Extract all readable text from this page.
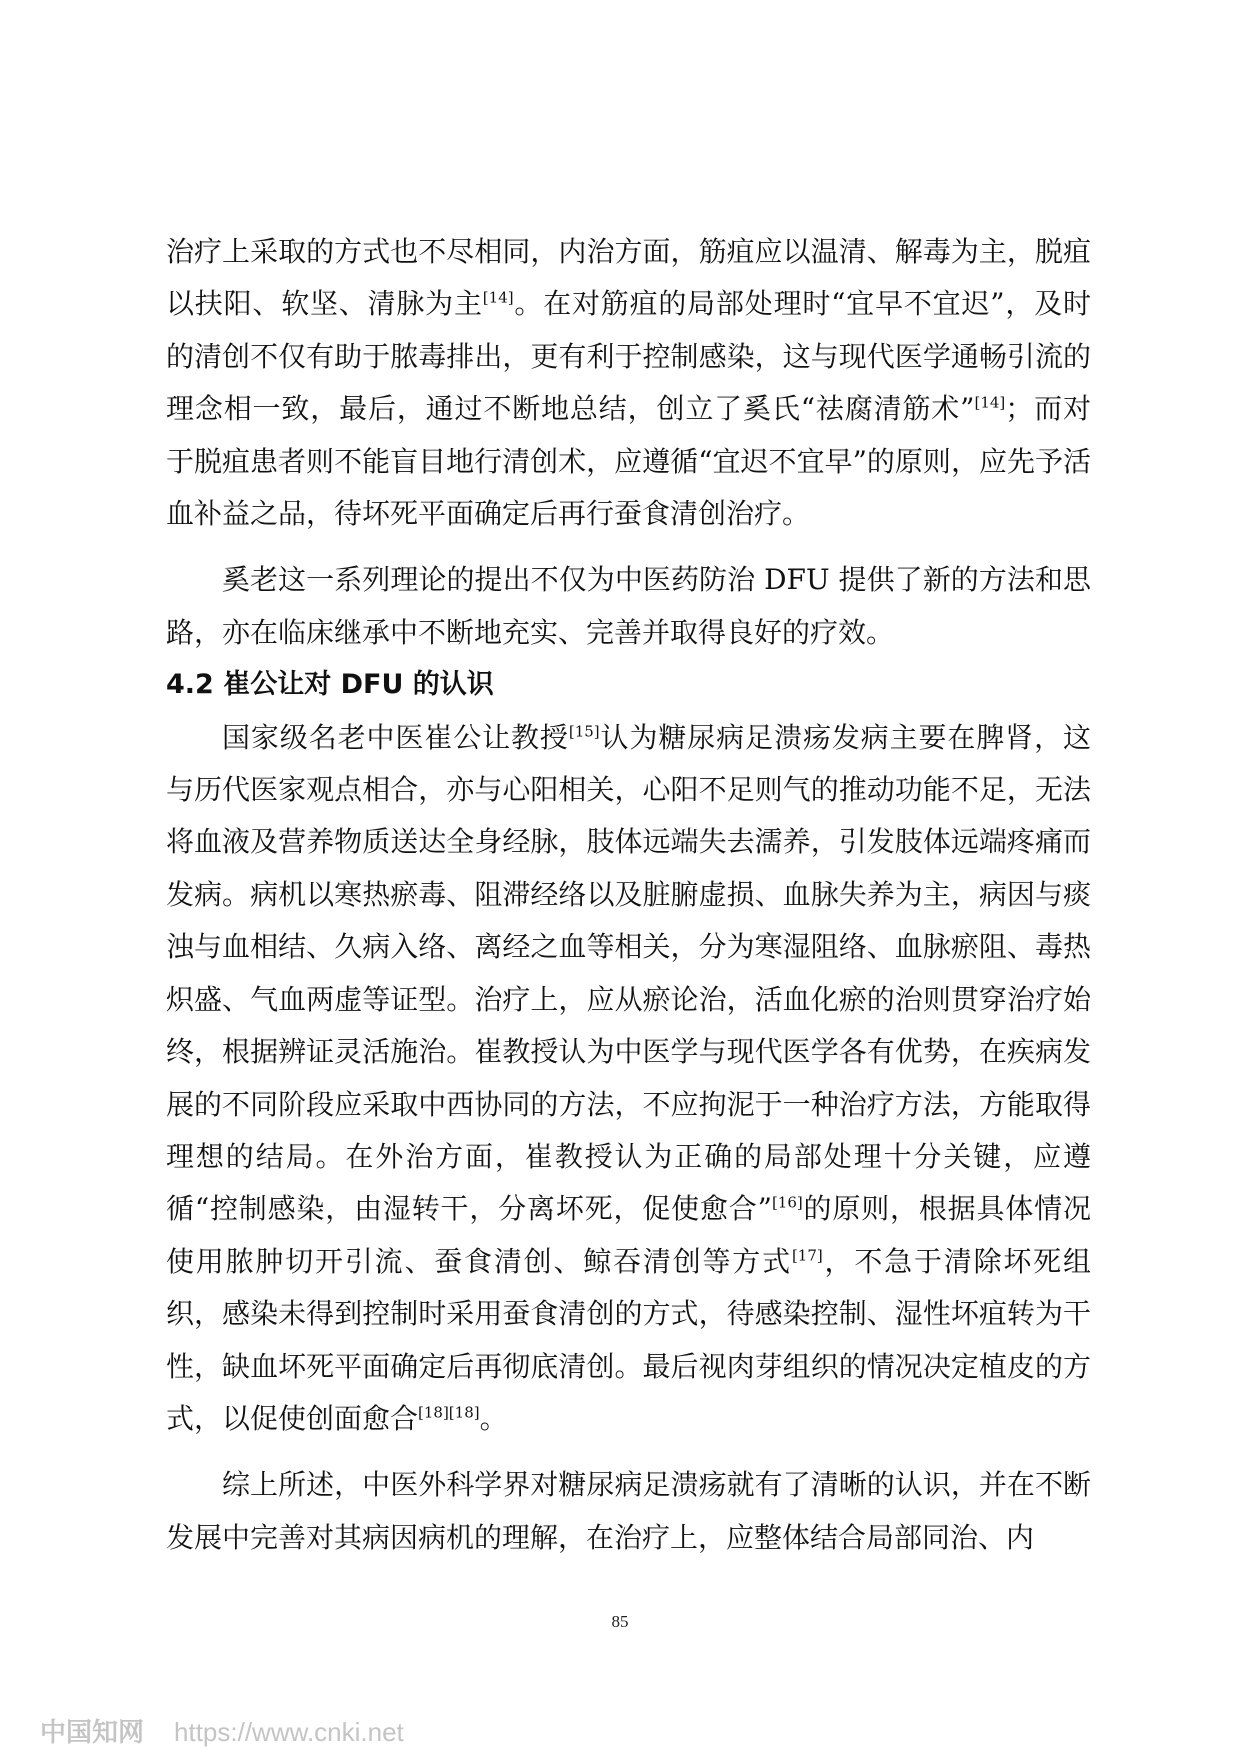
治疗上采取的方式也不尽相同，内治方面，筋疽应以温清、解毒为主，脱疽以扶阳、软坚、清脉为主[14]。在对筋疽的局部处理时“宜早不宜迟”，及时的清创不仅有助于脓毒排出，更有利于控制感染，这与现代医学通畅引流的理念相一致，最后，通过不断地总结，创立了奚氏“祛腐清筋术”[14]；而对于脱疽患者则不能盲目地行清创术，应遵循“宜迟不宜早”的原则，应先予活血补益之品，待坏死平面确定后再行蚕食清创治疗。

奚老这一系列理论的提出不仅为中医药防治 DFU 提供了新的方法和思路，亦在临床继承中不断地充实、完善并取得良好的疗效。

4.2 崔公让对 DFU 的认识

国家级名老中医崔公让教授[15]认为糖尿病足溃疡发病主要在脾肾，这与历代医家观点相合，亦与心阳相关，心阳不足则气的推动功能不足，无法将血液及营养物质送达全身经脉，肢体远端失去濡养，引发肢体远端疼痛而发病。病机以寒热瘀毒、阻滞经络以及脏腑虚损、血脉失养为主，病因与痰浊与血相结、久病入络、离经之血等相关，分为寒湿阻络、血脉瘀阻、毒热炽盛、气血两虚等证型。治疗上，应从瘀论治，活血化瘀的治则贯穿治疗始终，根据辨证灵活施治。崔教授认为中医学与现代医学各有优势，在疾病发展的不同阶段应采取中西协同的方法，不应拘泥于一种治疗方法，方能取得理想的结局。在外治方面，崔教授认为正确的局部处理十分关键，应遵循“控制感染，由湿转干，分离坏死，促使愈合”[16]的原则，根据具体情况使用脓肿切开引流、蚕食清创、鲸吞清创等方式[17]，不急于清除坏死组织，感染未得到控制时采用蚕食清创的方式，待感染控制、湿性坏疽转为干性，缺血坏死平面确定后再彻底清创。最后视肉芽组织的情况决定植皮的方式，以促使创面愈合[18][18]。

综上所述，中医外科学界对糖尿病足溃疡就有了清晰的认识，并在不断发展中完善对其病因病机的理解，在治疗上，应整体结合局部同治、内

85
中国知网 https://www.cnki.net
